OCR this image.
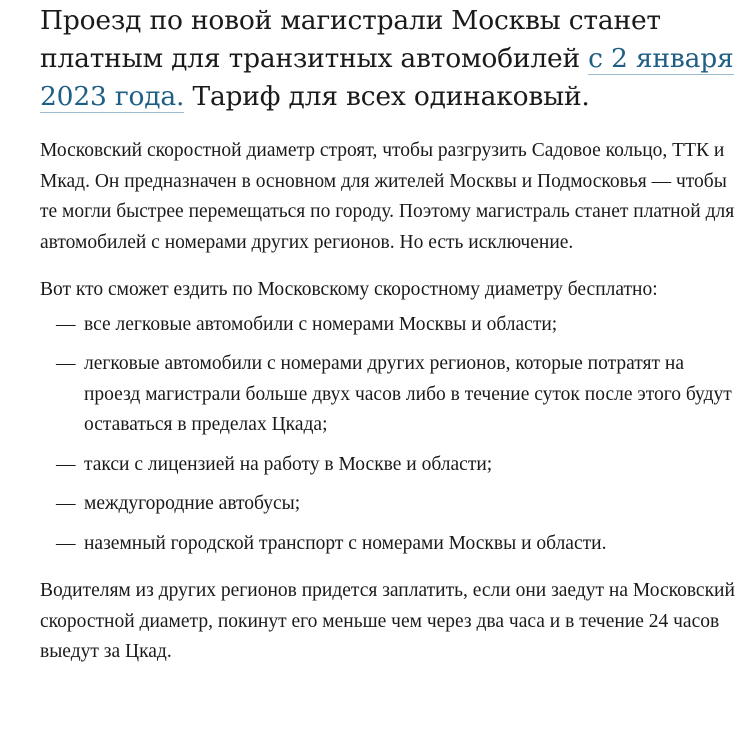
Проезд по новой магистрали Москвы станет платным для транзитных автомобилей с 2 января 2023 года. Тариф для всех одинаковый.

Московский скоростной диаметр строят, чтобы разгрузить Садовое кольцо, ТТК и Мкад. Он предназначен в основном для жителей Москвы и Подмосковья — чтобы те могли быстрее перемещаться по городу. Поэтому магистраль станет платной для автомобилей с номерами других регионов. Но есть исключение.

Вот кто сможет ездить по Московскому скоростному диаметру бесплатно:

— все легковые автомобили с номерами Москвы и области;
— легковые автомобили с номерами других регионов, которые потратят на проезд магистрали больше двух часов либо в течение суток после этого будут оставаться в пределах Цкада;
— такси с лицензией на работу в Москве и области;
— междугородние автобусы;
— наземный городской транспорт с номерами Москвы и области.

Водителям из других регионов придется заплатить, если они заедут на Московский скоростной диаметр, покинут его меньше чем через два часа и в течение 24 часов выедут за Цкад.
